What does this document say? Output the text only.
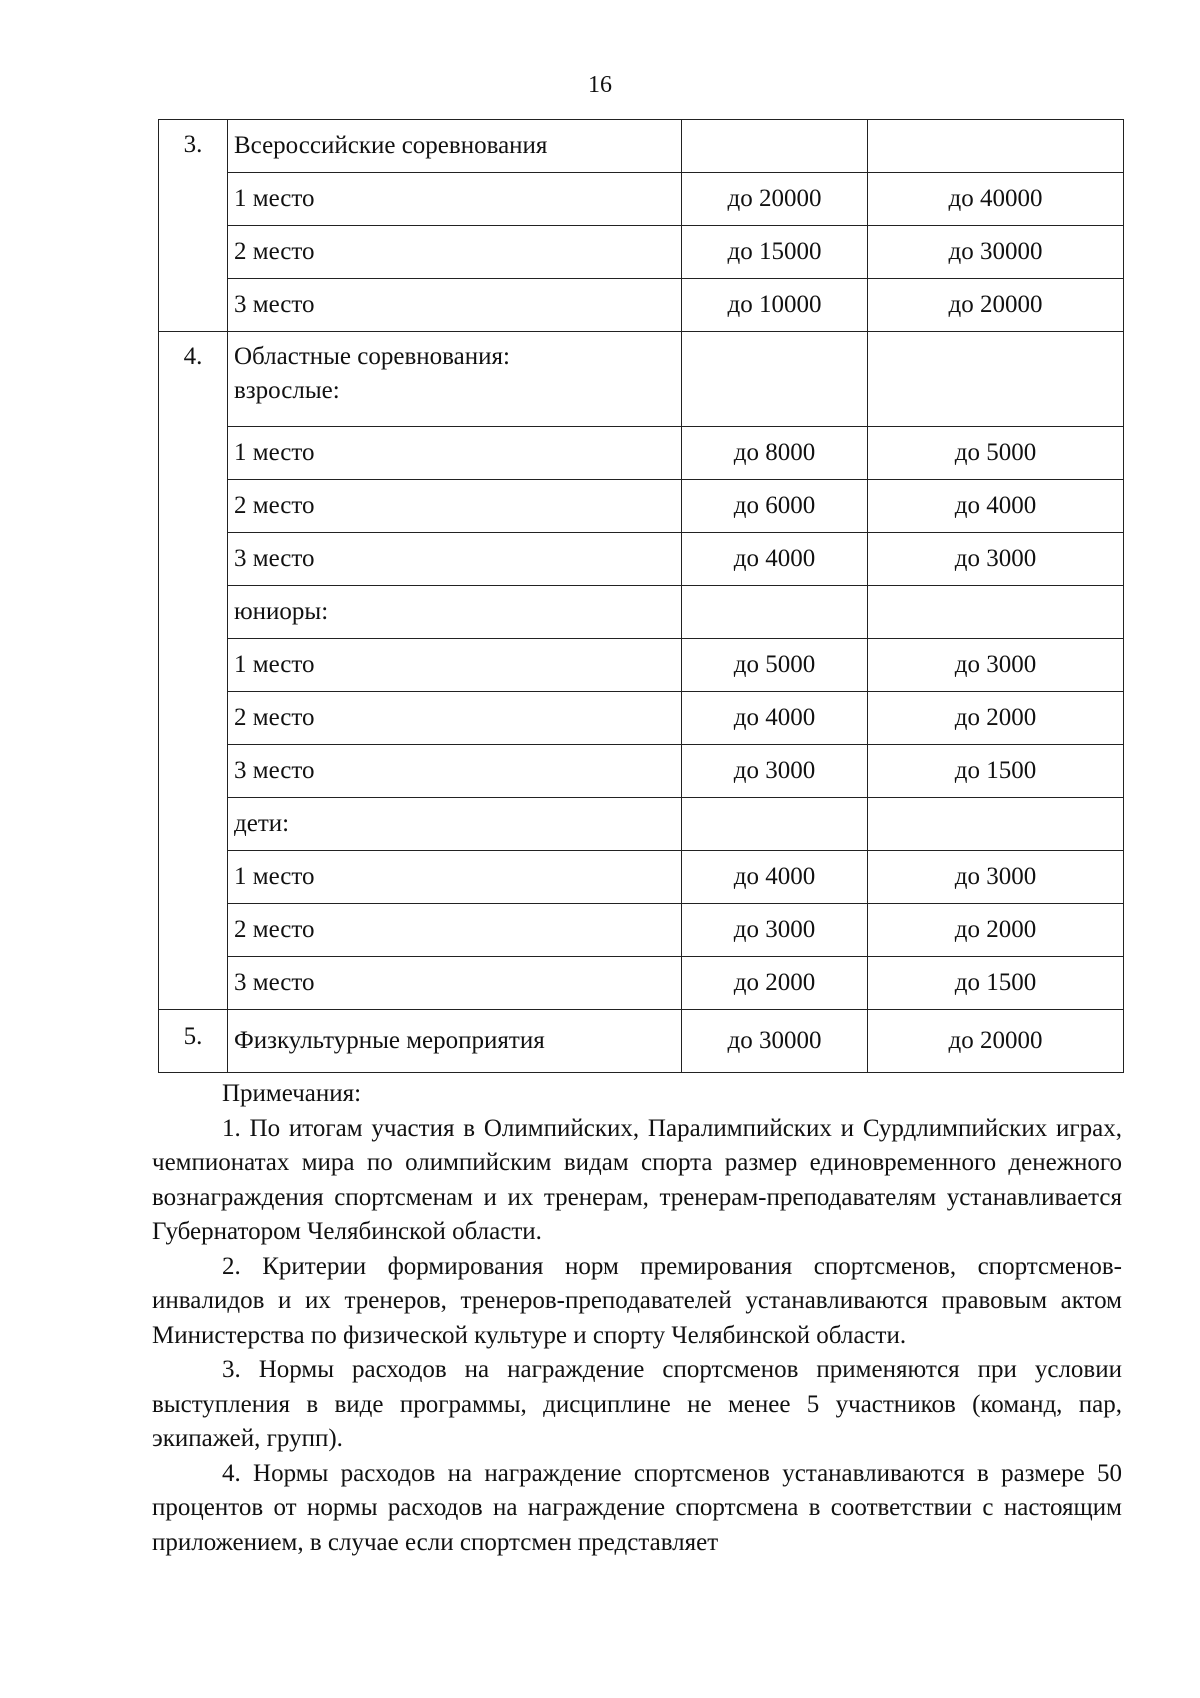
16
3.	Всероссийские соревнования		
	1 место	до 20000	до 40000
	2 место	до 15000	до 30000
	3 место	до 10000	до 20000
4.	Областные соревнования:
взрослые:		

	1 место	до 8000	до 5000
	2 место	до 6000	до 4000
	3 место	до 4000	до 3000
	юниоры:		
	1 место	до 5000	до 3000
	2 место	до 4000	до 2000
	3 место	до 3000	до 1500
	дети:		
	1 место	до 4000	до 3000
	2 место	до 3000	до 2000
	3 место	до 2000	до 1500
5.	Физкультурные мероприятия	до 30000	до 20000
Примечания:

1. По итогам участия в Олимпийских, Паралимпийских и Сурдлимпийских играх, чемпионатах мира по олимпийским видам спорта размер единовременного денежного вознаграждения спортсменам и их тренерам, тренерам-преподавателям устанавливается Губернатором Челябинской области.

2. Критерии формирования норм премирования спортсменов, спортсменов-инвалидов и их тренеров, тренеров-преподавателей устанавливаются правовым актом Министерства по физической культуре и спорту Челябинской области.

3. Нормы расходов на награждение спортсменов применяются при условии выступления в виде программы, дисциплине не менее 5 участников (команд, пар, экипажей, групп).

4. Нормы расходов на награждение спортсменов устанавливаются в размере 50 процентов от нормы расходов на награждение спортсмена в соответствии с настоящим приложением, в случае если спортсмен представляет
